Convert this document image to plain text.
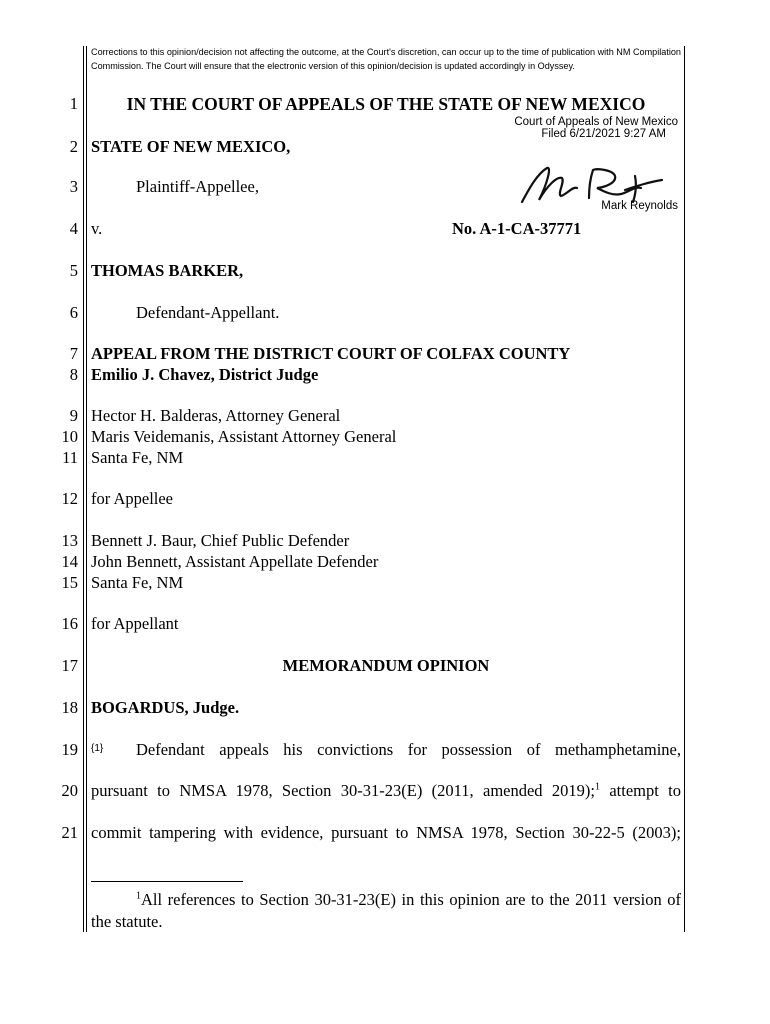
Corrections to this opinion/decision not affecting the outcome, at the Court's discretion, can occur up to the time of publication with NM Compilation Commission. The Court will ensure that the electronic version of this opinion/decision is updated accordingly in Odyssey.
1
2
3
4
5
6
7
8
9
10
11
12
13
14
15
16
17
18
19
20
21
IN THE COURT OF APPEALS OF THE STATE OF NEW MEXICO
Court of Appeals of New Mexico
Filed 6/21/2021 9:27 AM
Mark Reynolds
STATE OF NEW MEXICO,
Plaintiff-Appellee,
v.	No. A-1-CA-37771
THOMAS BARKER,
Defendant-Appellant.
APPEAL FROM THE DISTRICT COURT OF COLFAX COUNTY
Emilio J. Chavez, District Judge
Hector H. Balderas, Attorney General
Maris Veidemanis, Assistant Attorney General
Santa Fe, NM
for Appellee
Bennett J. Baur, Chief Public Defender
John Bennett, Assistant Appellate Defender
Santa Fe, NM
for Appellant
MEMORANDUM OPINION
BOGARDUS, Judge.
{1} Defendant appeals his convictions for possession of methamphetamine,
pursuant to NMSA 1978, Section 30-31-23(E) (2011, amended 2019);$^1$ attempt to
commit tampering with evidence, pursuant to NMSA 1978, Section 30-22-5 (2003);
$^1$All references to Section 30-31-23(E) in this opinion are to the 2011 version of the statute.
